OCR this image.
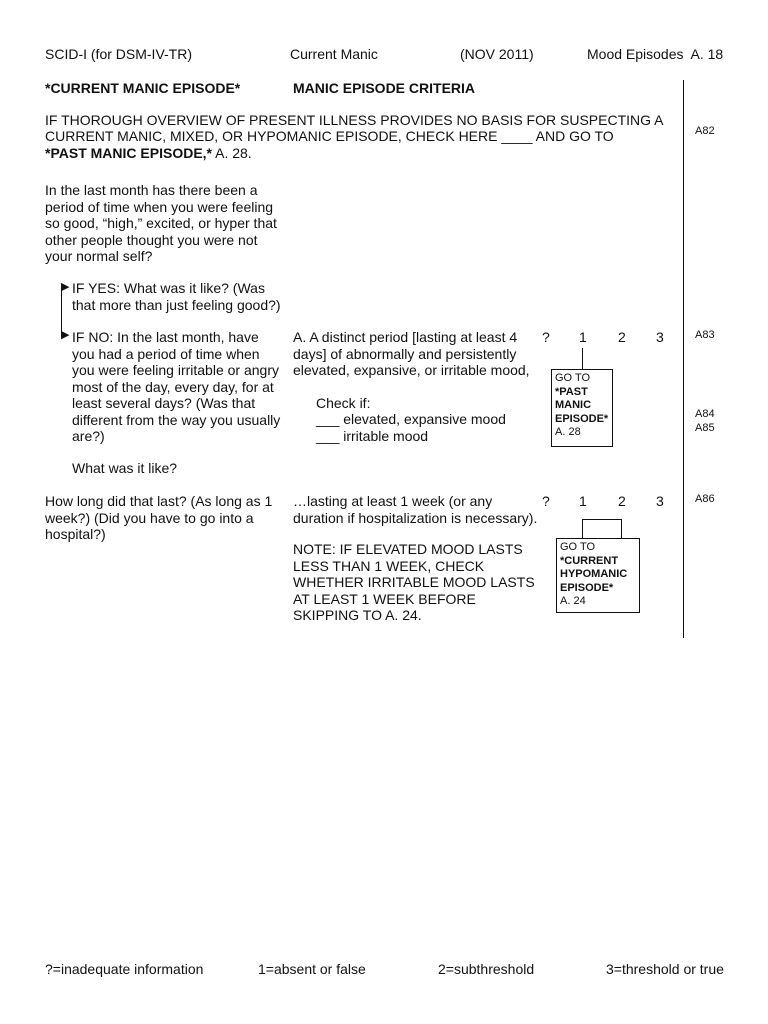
SCID-I (for DSM-IV-TR)	Current Manic	(NOV 2011)	Mood Episodes  A. 18
*CURRENT MANIC EPISODE*	MANIC EPISODE CRITERIA
IF THOROUGH OVERVIEW OF PRESENT ILLNESS PROVIDES NO BASIS FOR SUSPECTING A
CURRENT MANIC, MIXED, OR HYPOMANIC EPISODE, CHECK HERE ____ AND GO TO
*PAST MANIC EPISODE,* A. 28.
A82
In the last month has there been a period of time when you were feeling so good, “high,” excited, or hyper that other people thought you were not your normal self?
▶
▶
IF YES: What was it like? (Was that more than just feeling good?)
IF NO: In the last month, have you had a period of time when you were feeling irritable or angry most of the day, every day, for at least several days? (Was that different from the way you usually are?)
What was it like?
A. A distinct period [lasting at least 4 days] of abnormally and persistently elevated, expansive, or irritable mood,
Check if:
___ elevated, expansive mood
___ irritable mood
? 1 2 3	A83
GO TO
*PAST
MANIC
EPISODE*
A. 28
A84
A85
How long did that last? (As long as 1 week?) (Did you have to go into a hospital?)
…lasting at least 1 week (or any duration if hospitalization is necessary).
? 1 2 3	A86
NOTE: IF ELEVATED MOOD LASTS LESS THAN 1 WEEK, CHECK WHETHER IRRITABLE MOOD LASTS AT LEAST 1 WEEK BEFORE SKIPPING TO A. 24.
GO TO
*CURRENT
HYPOMANIC
EPISODE*
A. 24
?=inadequate information	1=absent or false	2=subthreshold	3=threshold or true
